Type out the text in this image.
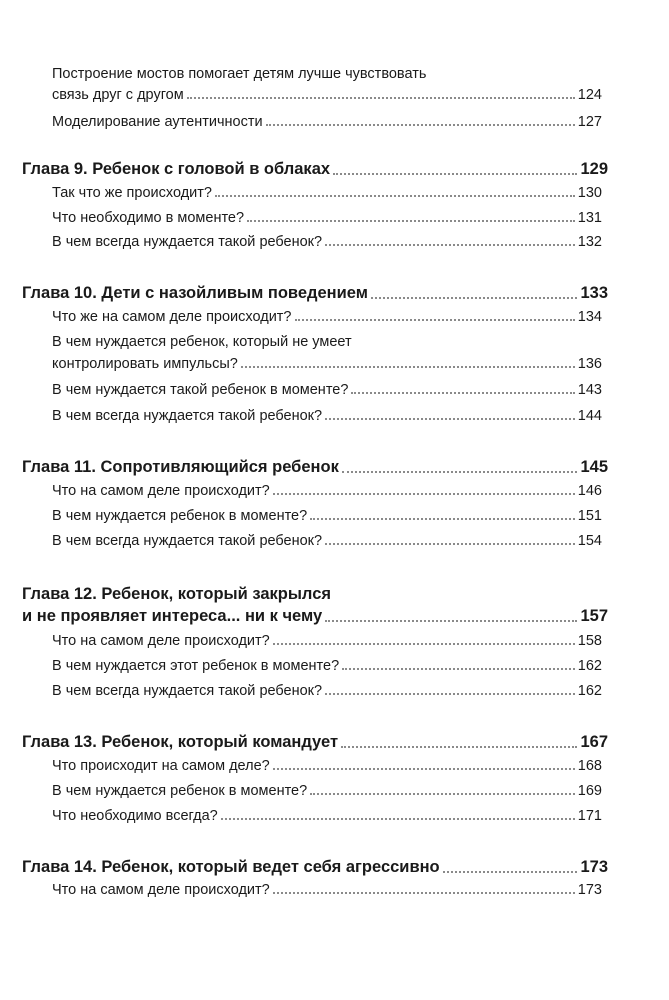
Построение мостов помогает детям лучше чувствовать
связь друг с другом	124
Моделирование аутентичности	127
Глава 9. Ребенок с головой в облаках	129
Так что же происходит?	130
Что необходимо в моменте?	131
В чем всегда нуждается такой ребенок?	132
Глава 10. Дети с назойливым поведением	133
Что же на самом деле происходит?	134
В чем нуждается ребенок, который не умеет
контролировать импульсы?	136
В чем нуждается такой ребенок в моменте?	143
В чем всегда нуждается такой ребенок?	144
Глава 11. Сопротивляющийся ребенок	145
Что на самом деле происходит?	146
В чем нуждается ребенок в моменте?	151
В чем всегда нуждается такой ребенок?	154
Глава 12. Ребенок, который закрылся
и не проявляет интереса... ни к чему	157
Что на самом деле происходит?	158
В чем нуждается этот ребенок в моменте?	162
В чем всегда нуждается такой ребенок?	162
Глава 13. Ребенок, который командует	167
Что происходит на самом деле?	168
В чем нуждается ребенок в моменте?	169
Что необходимо всегда?	171
Глава 14. Ребенок, который ведет себя агрессивно	173
Что на самом деле происходит?	173
